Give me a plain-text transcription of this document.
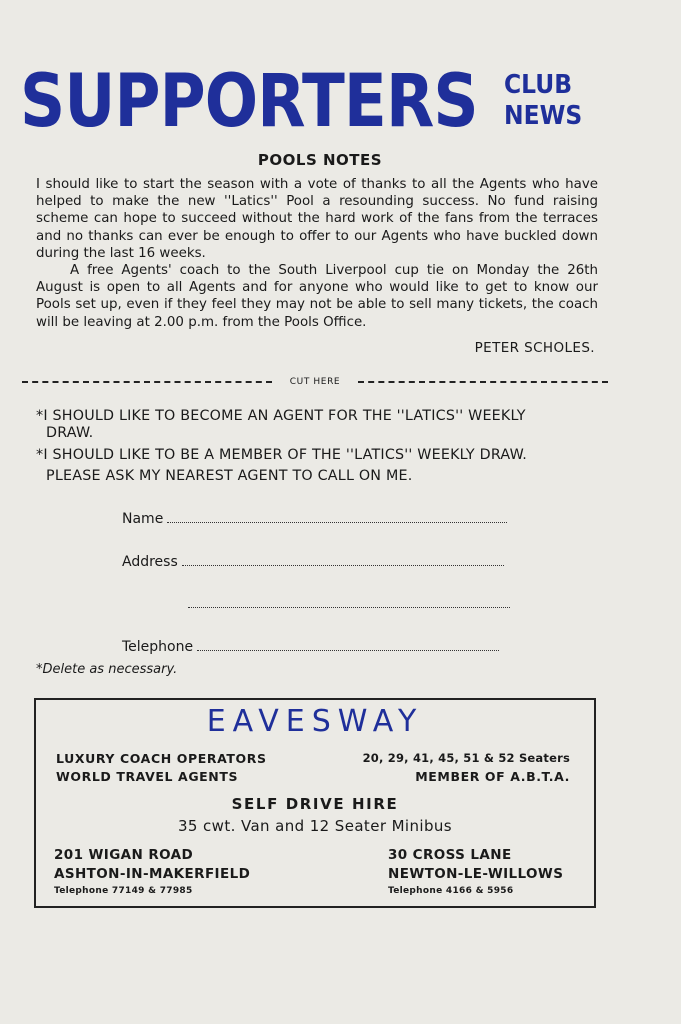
SUPPORTERS CLUB
NEWS
POOLS NOTES

I should like to start the season with a vote of thanks to all the Agents who have helped to make the new ''Latics'' Pool a resounding success. No fund raising scheme can hope to succeed without the hard work of the fans from the terraces and no thanks can ever be enough to offer to our Agents who have buckled down during the last 16 weeks.

A free Agents' coach to the South Liverpool cup tie on Monday the 26th August is open to all Agents and for anyone who would like to get to know our Pools set up, even if they feel they may not be able to sell many tickets, the coach will be leaving at 2.00 p.m. from the Pools Office.

PETER SCHOLES.
CUT HERE
*I SHOULD LIKE TO BECOME AN AGENT FOR THE ''LATICS'' WEEKLY
DRAW.
*I SHOULD LIKE TO BE A MEMBER OF THE ''LATICS'' WEEKLY DRAW.
PLEASE ASK MY NEAREST AGENT TO CALL ON ME.
Name
Address
Telephone
*Delete as necessary.
EAVESWAY
LUXURY COACH OPERATORS
WORLD TRAVEL AGENTS
20, 29, 41, 45, 51 & 52 Seaters
MEMBER OF A.B.T.A.
SELF DRIVE HIRE
35 cwt. Van and 12 Seater Minibus
201 WIGAN ROAD
ASHTON-IN-MAKERFIELD
Telephone 77149 & 77985
30 CROSS LANE
NEWTON-LE-WILLOWS
Telephone 4166 & 5956
